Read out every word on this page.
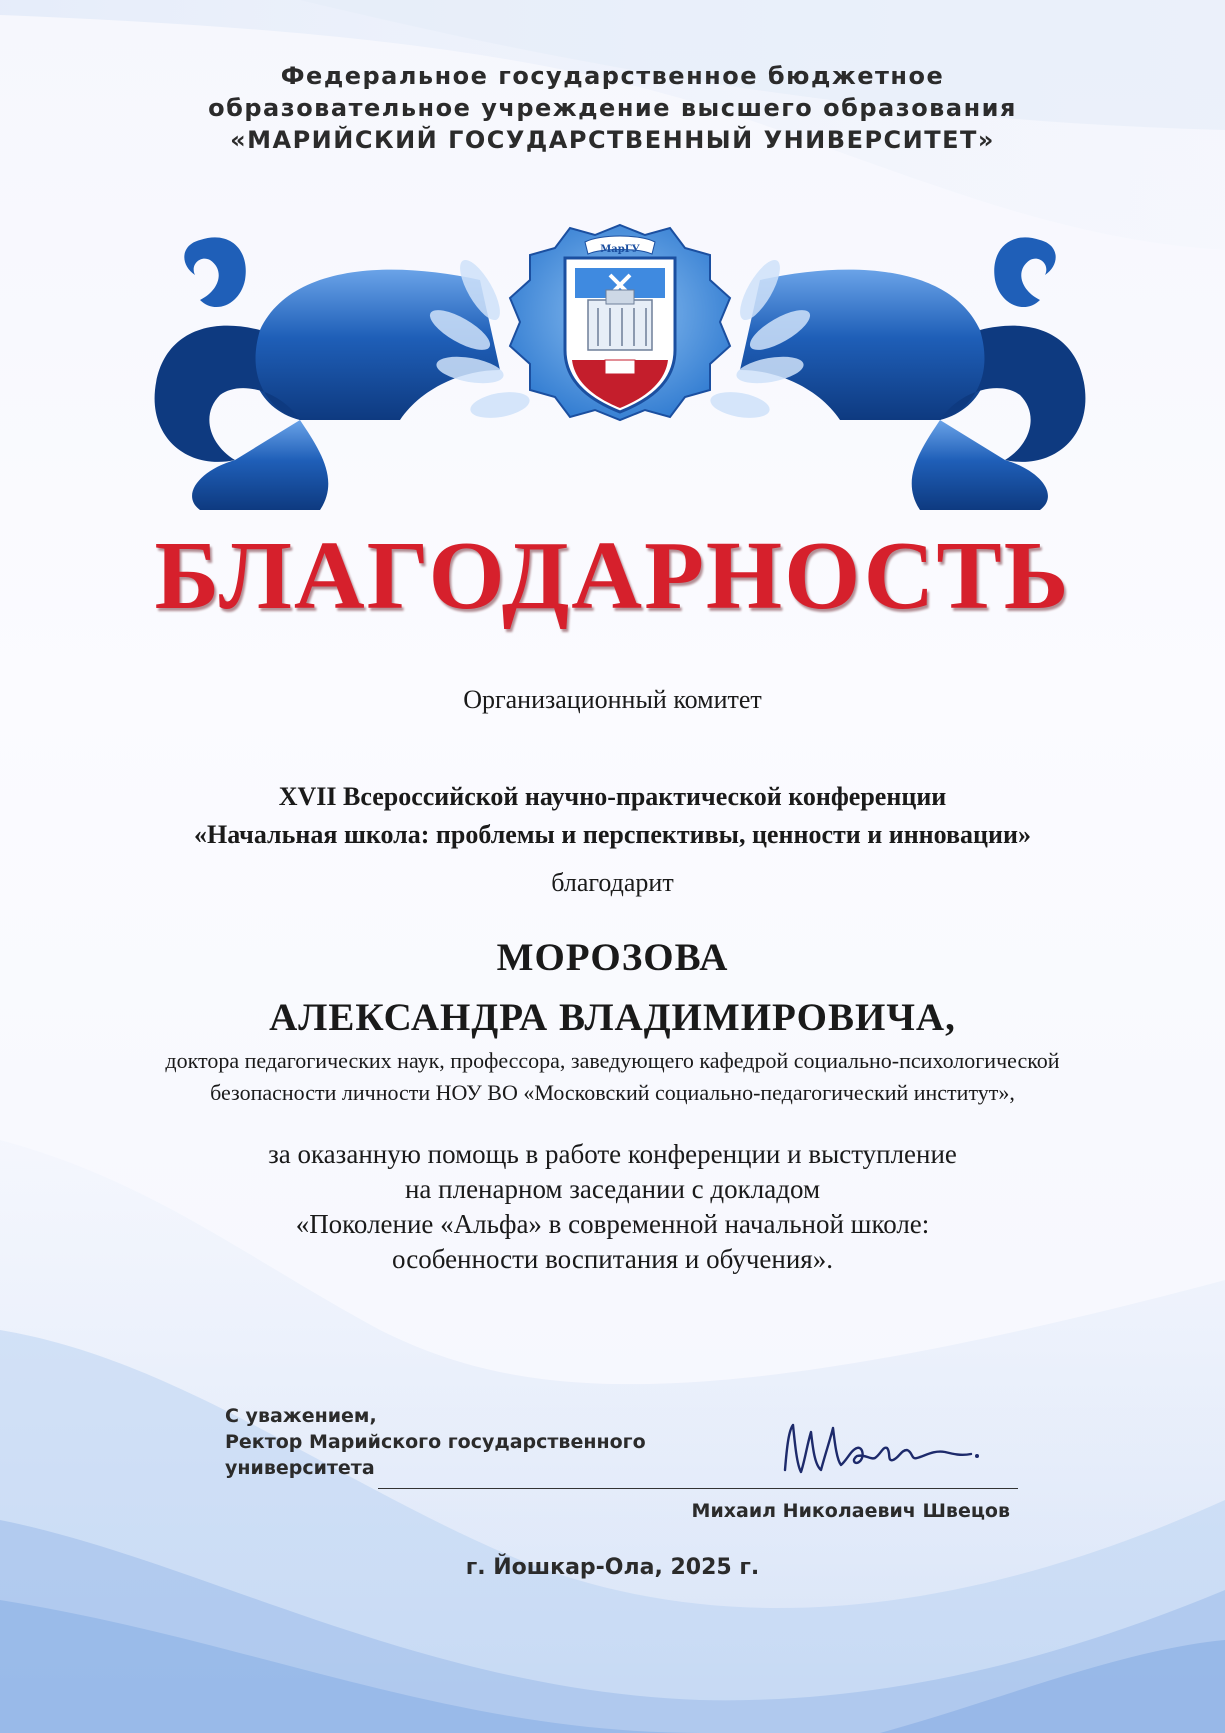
Федеральное государственное бюджетное
образовательное учреждение высшего образования
«МАРИЙСКИЙ ГОСУДАРСТВЕННЫЙ УНИВЕРСИТЕТ»
МарГУ
БЛАГОДАРНОСТЬ
Организационный комитет
XVII Всероссийской научно-практической конференции
«Начальная школа: проблемы и перспективы, ценности и инновации»
благодарит
МОРОЗОВА
АЛЕКСАНДРА ВЛАДИМИРОВИЧА,
доктора педагогических наук, профессора, заведующего кафедрой социально-психологической
безопасности личности НОУ ВО «Московский социально-педагогический институт»,
за оказанную помощь в работе конференции и выступление
на пленарном заседании с докладом
«Поколение «Альфа» в современной начальной школе:
особенности воспитания и обучения».
С уважением,
Ректор Марийского государственного
университета
Михаил Николаевич Швецов
г. Йошкар-Ола, 2025 г.
